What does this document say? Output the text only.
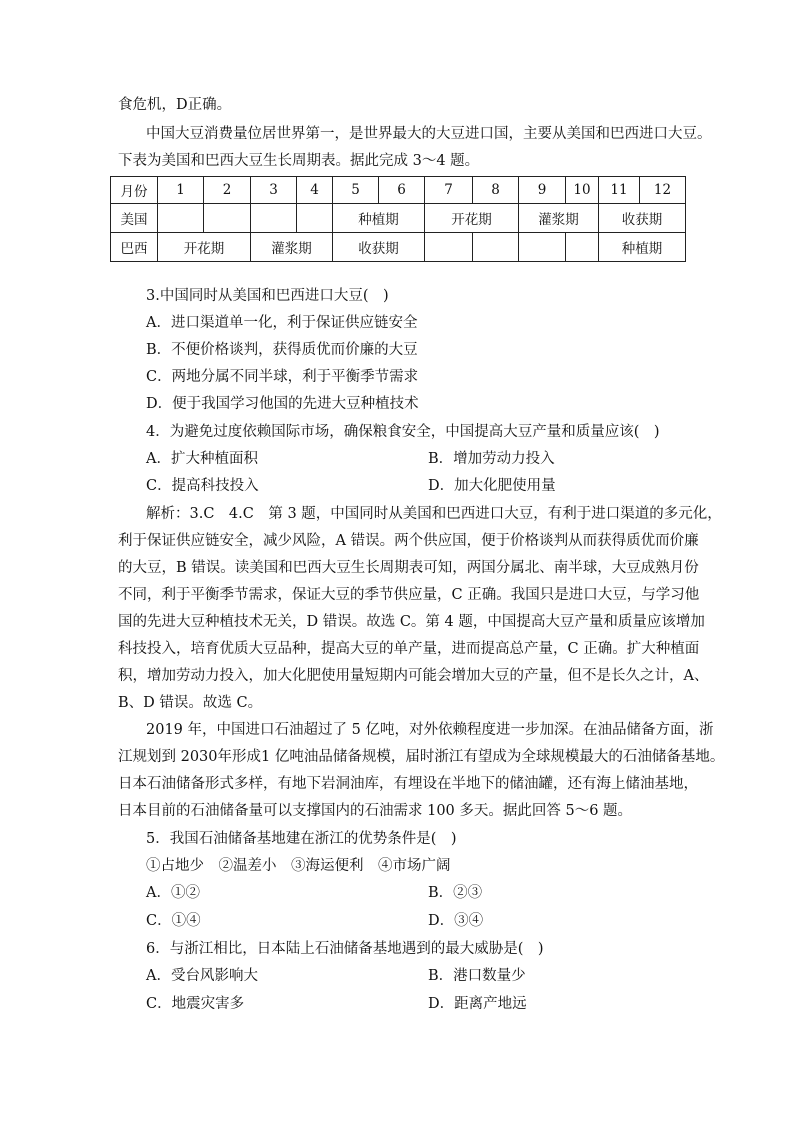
食危机，D正确。
中国大豆消费量位居世界第一，是世界最大的大豆进口国，主要从美国和巴西进口大豆。
下表为美国和巴西大豆生长周期表。据此完成 3～4 题。
月份	1	2	3	4	5	6	7	8	9	10	11	12	
美国					种植期		开花期		灌浆期		收获期		
巴西	开花期		灌浆期		收获期						种植期		
3.中国同时从美国和巴西进口大豆(　)
A．进口渠道单一化，利于保证供应链安全
B．不便价格谈判，获得质优而价廉的大豆
C．两地分属不同半球，利于平衡季节需求
D．便于我国学习他国的先进大豆种植技术
4．为避免过度依赖国际市场，确保粮食安全，中国提高大豆产量和质量应该(　)
A．扩大种植面积	B．增加劳动力投入
C．提高科技投入	D．加大化肥使用量
解析：3.C　4.C　第 3 题，中国同时从美国和巴西进口大豆，有利于进口渠道的多元化，
利于保证供应链安全，减少风险，A 错误。两个供应国，便于价格谈判从而获得质优而价廉
的大豆，B 错误。读美国和巴西大豆生长周期表可知，两国分属北、南半球，大豆成熟月份
不同，利于平衡季节需求，保证大豆的季节供应量，C 正确。我国只是进口大豆，与学习他
国的先进大豆种植技术无关，D 错误。故选 C。第 4 题，中国提高大豆产量和质量应该增加
科技投入，培育优质大豆品种，提高大豆的单产量，进而提高总产量，C 正确。扩大种植面
积，增加劳动力投入，加大化肥使用量短期内可能会增加大豆的产量，但不是长久之计，A、
B、D 错误。故选 C。
2019 年，中国进口石油超过了 5 亿吨，对外依赖程度进一步加深。在油品储备方面，浙
江规划到 2030年形成1 亿吨油品储备规模，届时浙江有望成为全球规模最大的石油储备基地。
日本石油储备形式多样，有地下岩洞油库，有埋设在半地下的储油罐，还有海上储油基地，
日本目前的石油储备量可以支撑国内的石油需求 100 多天。据此回答 5～6 题。
5．我国石油储备基地建在浙江的优势条件是(　)
①占地少　②温差小　③海运便利　④市场广阔
A．①②	B．②③
C．①④	D．③④
6．与浙江相比，日本陆上石油储备基地遇到的最大威胁是(　)
A．受台风影响大	B．港口数量少
C．地震灾害多	D．距离产地远
